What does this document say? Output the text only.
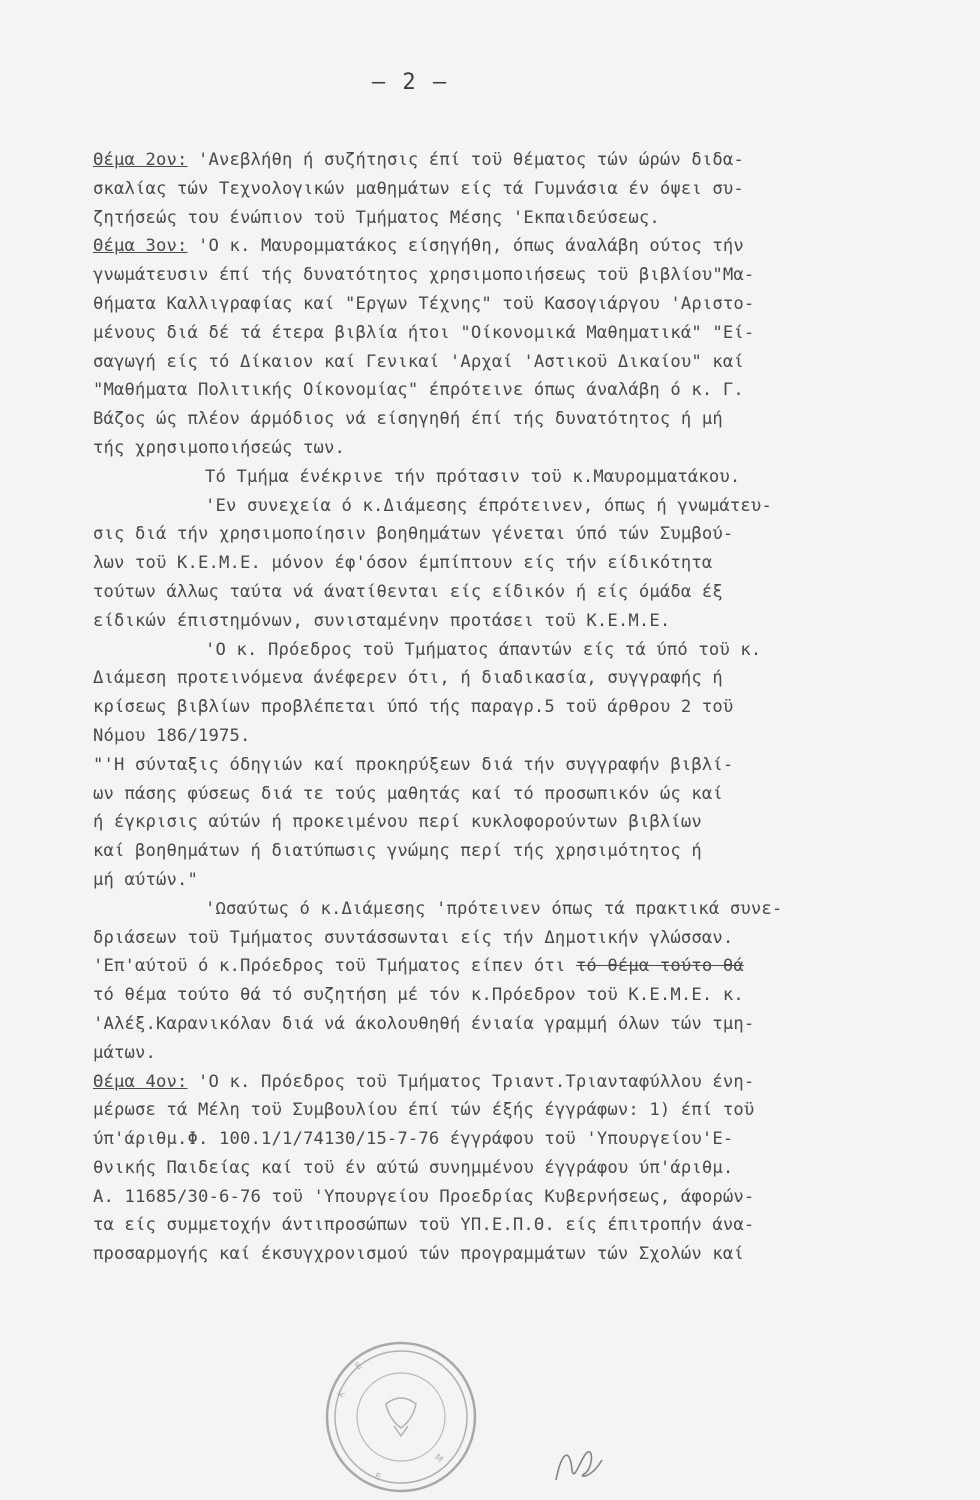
– 2 –
Θέμα 2ον: 'Ανεβλήθη ή συζήτησις έπί τοϋ θέματος τών ώρών διδα-
σκαλίας τών Τεχνολογικών μαθημάτων είς τά Γυμνάσια έν όψει συ-
ζητήσεώς του ένώπιον τοϋ Τμήματος Μέσης 'Εκπαιδεύσεως.
Θέμα 3ον: 'Ο κ. Μαυρομματάκος είσηγήθη, όπως άναλάβη ούτος τήν
γνωμάτευσιν έπί τής δυνατότητος χρησιμοποιήσεως τοϋ βιβλίου"Μα-
θήματα Καλλιγραφίας καί "Εργων Τέχνης" τοϋ Κασογιάργου 'Αριστο-
μένους διά δέ τά έτερα βιβλία ήτοι "Οίκονομικά Μαθηματικά" "Εί-
σαγωγή είς τό Δίκαιον καί Γενικαί 'Αρχαί 'Αστικοϋ Δικαίου" καί
"Μαθήματα Πολιτικής Οίκονομίας" έπρότεινε όπως άναλάβη ό κ. Γ.
Βάζος ώς πλέον άρμόδιος νά είσηγηθή έπί τής δυνατότητος ή μή
τής χρησιμοποιήσεώς των.
Τό Τμήμα ένέκρινε τήν πρότασιν τοϋ κ.Μαυρομματάκου.
'Εν συνεχεία ό κ.Διάμεσης έπρότεινεν, όπως ή γνωμάτευ-
σις διά τήν χρησιμοποίησιν βοηθημάτων γένεται ύπό τών Συμβού-
λων τοϋ Κ.Ε.Μ.Ε. μόνον έφ'όσον έμπίπτουν είς τήν είδικότητα
τούτων άλλως ταύτα νά άνατίθενται είς είδικόν ή είς όμάδα έξ
είδικών έπιστημόνων, συνισταμένην προτάσει τοϋ Κ.Ε.Μ.Ε.
'Ο κ. Πρόεδρος τοϋ Τμήματος άπαντών είς τά ύπό τοϋ κ.
Διάμεση προτεινόμενα άνέφερεν ότι, ή διαδικασία, συγγραφής ή
κρίσεως βιβλίων προβλέπεται ύπό τής παραγρ.5 τοϋ άρθρου 2 τοϋ
Νόμου 186/1975.
"'Η σύνταξις όδηγιών καί προκηρύξεων διά τήν συγγραφήν βιβλί-
ων πάσης φύσεως διά τε τούς μαθητάς καί τό προσωπικόν ώς καί
ή έγκρισις αύτών ή προκειμένου περί κυκλοφορούντων βιβλίων
καί βοηθημάτων ή διατύπωσις γνώμης περί τής χρησιμότητος ή
μή αύτών."
'Ωσαύτως ό κ.Διάμεσης 'πρότεινεν όπως τά πρακτικά συνε-
δριάσεων τοϋ Τμήματος συντάσσωνται είς τήν Δημοτικήν γλώσσαν.
'Επ'αύτοϋ ό κ.Πρόεδρος τοϋ Τμήματος είπεν ότι τό θέμα τούτο θά
τό θέμα τούτο θά τό συζητήση μέ τόν κ.Πρόεδρον τοϋ Κ.Ε.Μ.Ε. κ.
'Αλέξ.Καρανικόλαν διά νά άκολουθηθή ένιαία γραμμή όλων τών τμη-
μάτων.
Θέμα 4ον: 'Ο κ. Πρόεδρος τοϋ Τμήματος Τριαντ.Τριανταφύλλου ένη-
μέρωσε τά Μέλη τοϋ Συμβουλίου έπί τών έξής έγγράφων: 1) έπί τοϋ
ύπ'άριθμ.Φ. 100.1/1/74130/15-7-76 έγγράφου τοϋ 'Υπουργείου'Ε-
θνικής Παιδείας καί τοϋ έν αύτώ συνημμένου έγγράφου ύπ'άριθμ.
Α. 11685/30-6-76 τοϋ 'Υπουργείου Προεδρίας Κυβερνήσεως, άφορών-
τα είς συμμετοχήν άντιπροσώπων τοϋ ΥΠ.Ε.Π.Θ. είς έπιτροπήν άνα-
προσαρμογής καί έκσυγχρονισμού τών προγραμμάτων τών Σχολών καί
Κ
Ε
Μ
Ε
